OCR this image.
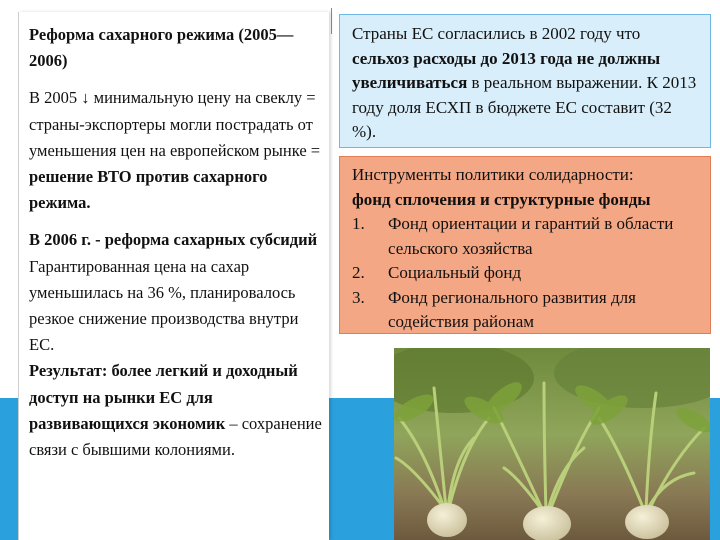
Реформа сахарного режима (2005—2006)

В 2005 ↓ минимальную цену на свеклу = страны-экспортеры могли пострадать от уменьшения цен на европейском рынке = решение ВТО против сахарного режима.

В 2006 г. - реформа сахарных субсидий Гарантированная цена на сахар уменьшилась на 36 %, планировалось резкое снижение производства внутри ЕС.
Результат: более легкий и доходный доступ на рынки ЕС для развивающихся экономик – сохранение связи с бывшими колониями.

Страны ЕС согласились в 2002 году что сельхоз расходы до 2013 года не должны увеличиваться в реальном выражении. К 2013 году доля ЕСХП в бюджете ЕС составит (32 %).
Инструменты политики солидарности:
фонд сплочения и структурные фонды
1.	Фонд ориентации и гарантий в области сельского хозяйства
2.	Социальный фонд
3.	Фонд регионального развития для содействия районам
